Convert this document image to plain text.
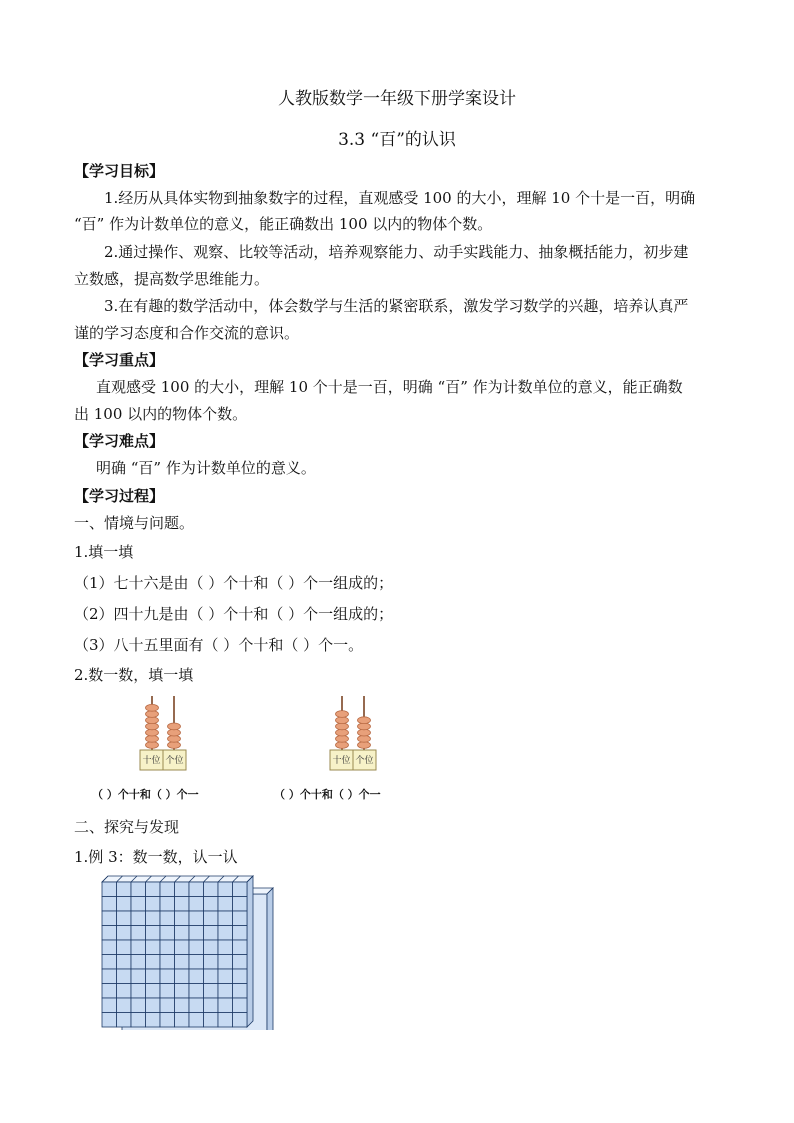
人教版数学一年级下册学案设计
3.3 “百”的认识
【学习目标】
1.经历从具体实物到抽象数字的过程，直观感受 100 的大小，理解 10 个十是一百，明确
“百” 作为计数单位的意义，能正确数出 100 以内的物体个数。
2.通过操作、观察、比较等活动，培养观察能力、动手实践能力、抽象概括能力，初步建
立数感，提高数学思维能力。
3.在有趣的数学活动中，体会数学与生活的紧密联系，激发学习数学的兴趣，培养认真严
谨的学习态度和合作交流的意识。
【学习重点】
直观感受 100 的大小，理解 10 个十是一百，明确 “百” 作为计数单位的意义，能正确数
出 100 以内的物体个数。
【学习难点】
明确 “百” 作为计数单位的意义。
【学习过程】
一、情境与问题。
1.填一填
（1）七十六是由（ ）个十和（ ）个一组成的；
（2）四十九是由（ ）个十和（ ）个一组成的；
（3）八十五里面有（ ）个十和（ ）个一。
2.数一数，填一填
十位 个位	十位 个位
（ ）个十和（ ）个一	（ ）个十和（ ）个一
二、探究与发现
1.例 3：数一数，认一认
